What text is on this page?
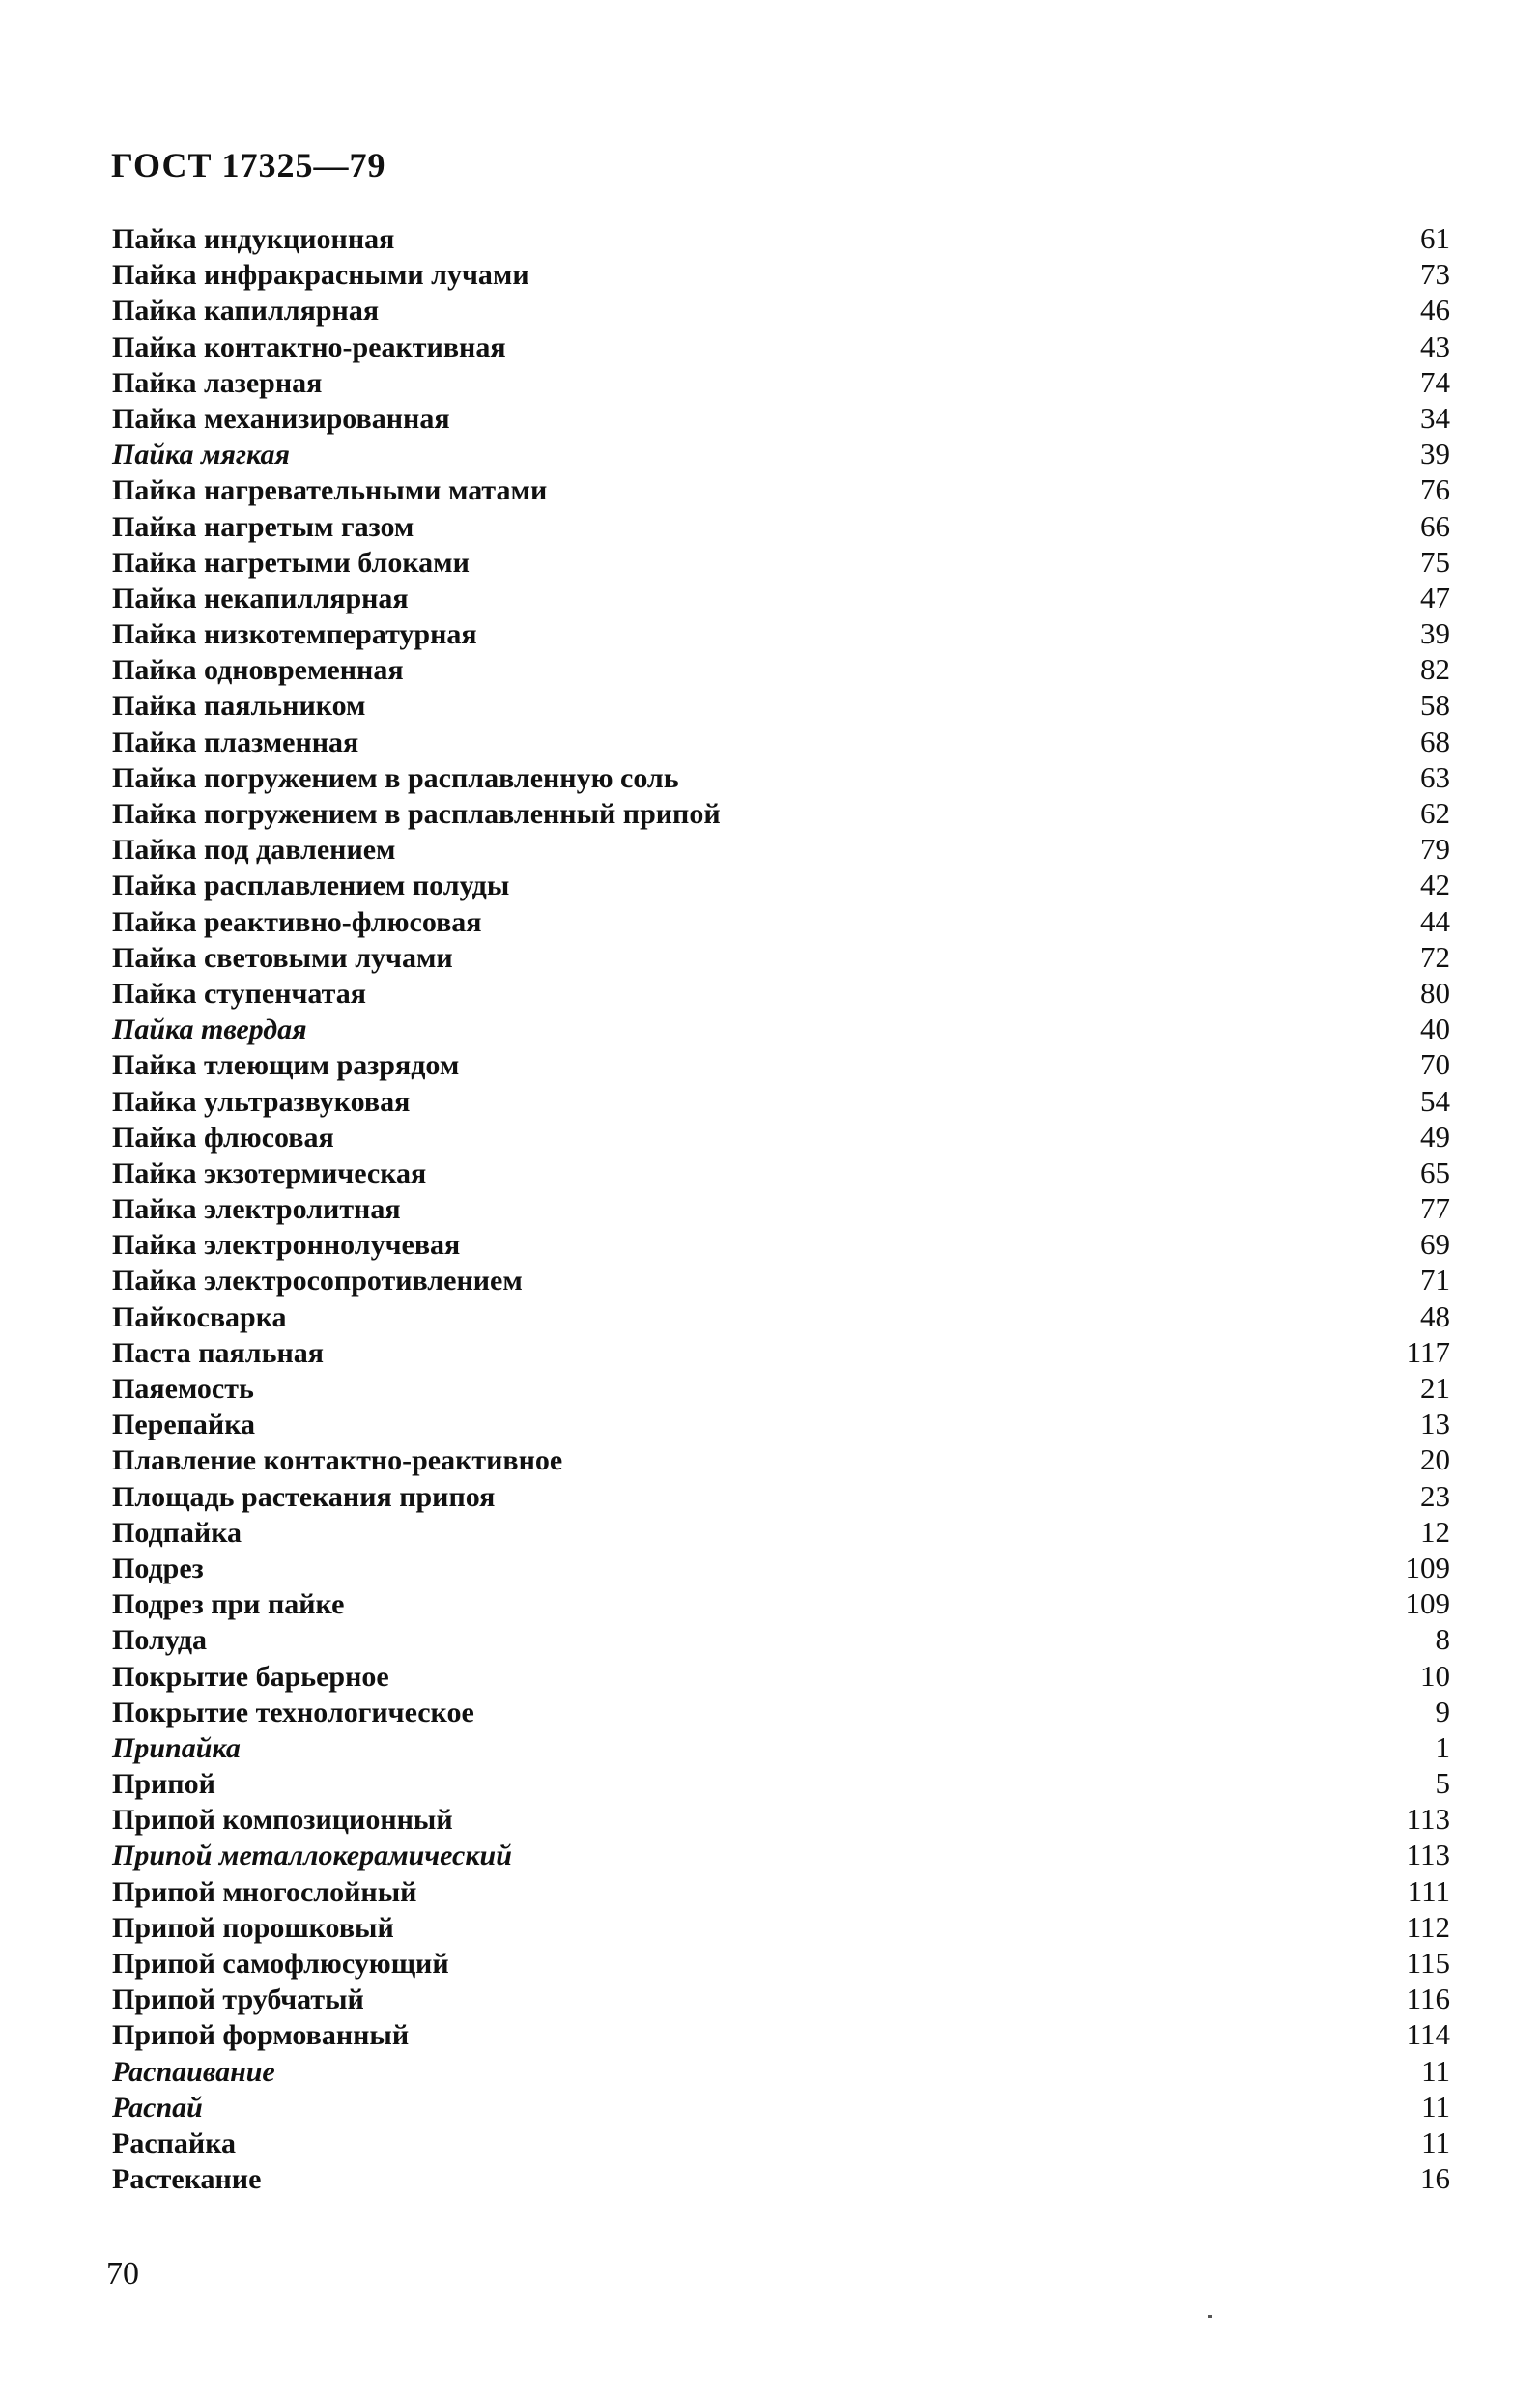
ГОСТ 17325—79
Пайка индукционная	61
Пайка инфракрасными лучами	73
Пайка капиллярная	46
Пайка контактно-реактивная	43
Пайка лазерная	74
Пайка механизированная	34
Пайка мягкая	39
Пайка нагревательными матами	76
Пайка нагретым газом	66
Пайка нагретыми блоками	75
Пайка некапиллярная	47
Пайка низкотемпературная	39
Пайка одновременная	82
Пайка паяльником	58
Пайка плазменная	68
Пайка погружением в расплавленную соль	63
Пайка погружением в расплавленный припой	62
Пайка под давлением	79
Пайка расплавлением полуды	42
Пайка реактивно-флюсовая	44
Пайка световыми лучами	72
Пайка ступенчатая	80
Пайка твердая	40
Пайка тлеющим разрядом	70
Пайка ультразвуковая	54
Пайка флюсовая	49
Пайка экзотермическая	65
Пайка электролитная	77
Пайка электроннолучевая	69
Пайка электросопротивлением	71
Пайкосварка	48
Паста паяльная	117
Паяемость	21
Перепайка	13
Плавление контактно-реактивное	20
Площадь растекания припоя	23
Подпайка	12
Подрез	109
Подрез при пайке	109
Полуда	8
Покрытие барьерное	10
Покрытие технологическое	9
Припайка	1
Припой	5
Припой композиционный	113
Припой металлокерамический	113
Припой многослойный	111
Припой порошковый	112
Припой самофлюсующий	115
Припой трубчатый	116
Припой формованный	114
Распаивание	11
Распай	11
Распайка	11
Растекание	16
70
